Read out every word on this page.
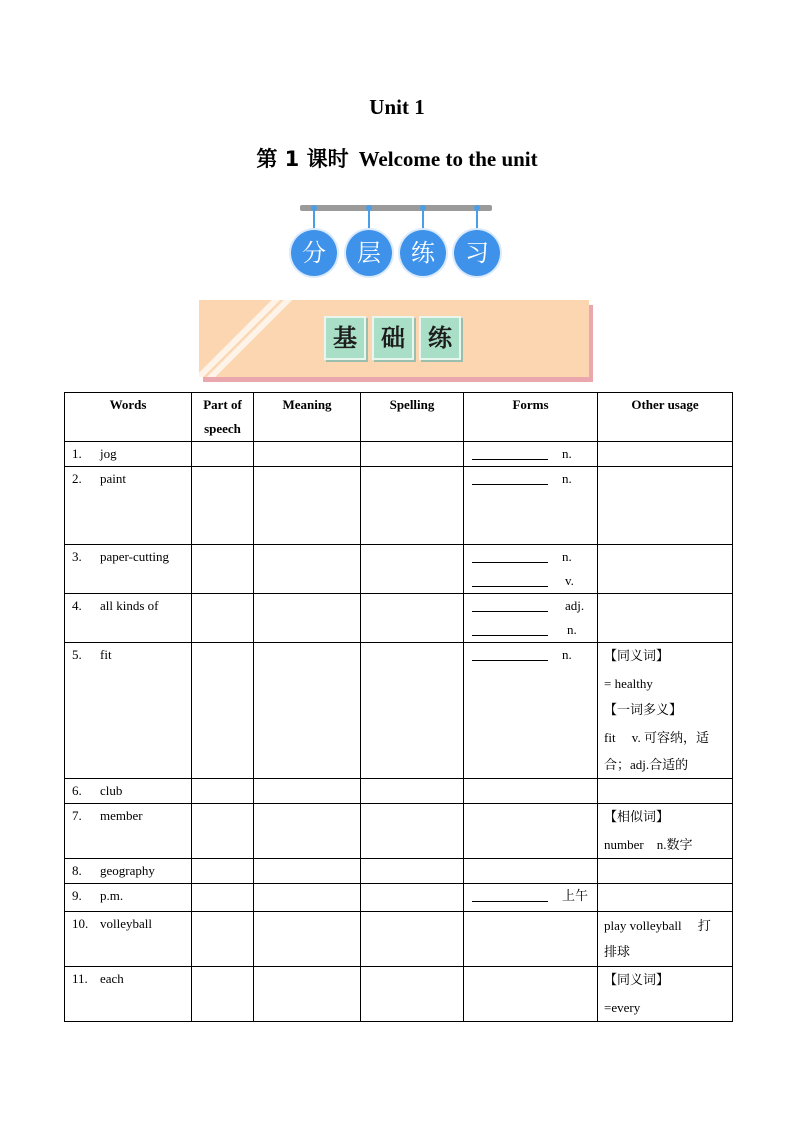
Unit 1
第 1 课时 Welcome to the unit
分	层	练	习
基	础 练
Words	Part of speech	Meaning	Spelling	Forms	Other usage
1. jog				n.	
2. paint				n.	
3. paper-cutting				n.
v.	

4. all kinds of				adj.
n.	

5. fit				n.	【同义词】
= healthy
【一词多义】
fit　 v. 可容纳，适
合；adj.合适的

6. club					
7. member					【相似词】
number　n.数字

8. geography					
9. p.m.				上午	
10. volleyball					play volleyball　 打
排球

11. each					【同义词】
=every
